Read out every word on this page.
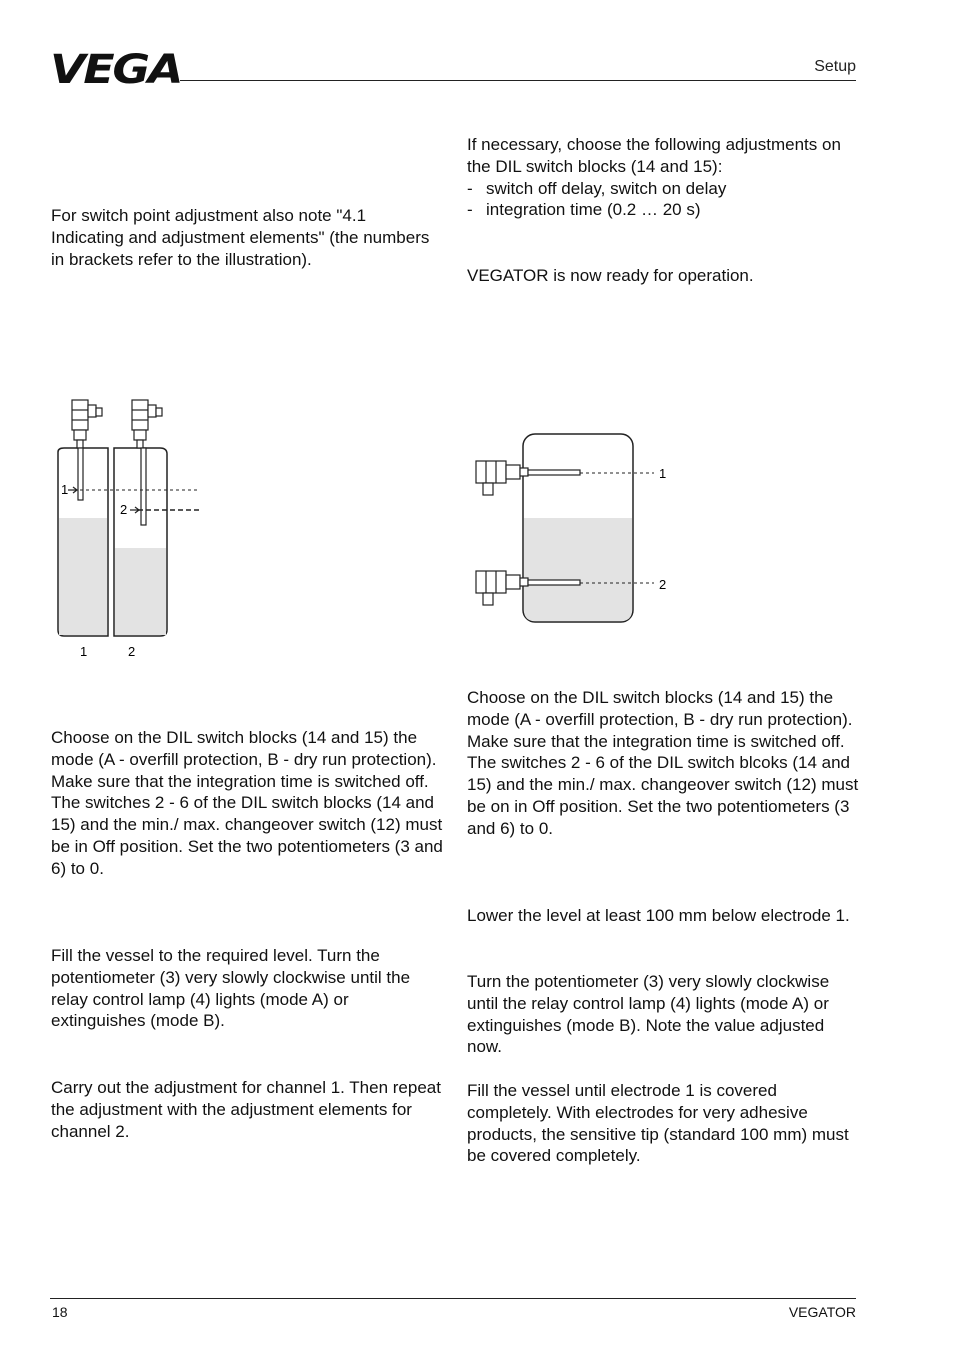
VEGA	Setup

For switch point adjustment also note "4.1 Indicating and adjustment elements" (the numbers in brackets refer to the illustration).

1
2
1	2

Choose on the DIL switch blocks (14 and 15) the mode (A - overfill protection, B - dry run protection). Make sure that the integration time is switched off. The switches 2 - 6 of the DIL switch blocks (14 and 15) and the min./ max. changeover switch (12) must be in Off position. Set the two potentiometers (3 and 6) to 0.

Fill the vessel to the required level. Turn the potentiometer (3) very slowly clockwise until the relay control lamp (4) lights (mode A) or extinguishes (mode B).

Carry out the adjustment for channel 1. Then repeat the adjustment with the adjustment elements for channel 2.

If necessary, choose the following adjustments on the DIL switch blocks (14 and 15):

- switch off delay, switch on delay
- integration time (0.2 … 20 s)

VEGATOR is now ready for operation.

1
2

Choose on the DIL switch blocks (14 and 15) the mode (A - overfill protection, B - dry run protection). Make sure that the integration time is switched off. The switches 2 - 6 of the DIL switch blcoks (14 and 15) and the min./ max. changeover switch (12) must be on in Off position. Set the two potentiometers (3 and 6) to 0.

Lower the level at least 100 mm below electrode 1.

Turn the potentiometer (3) very slowly clockwise until the relay control lamp (4) lights (mode A) or extinguishes (mode B). Note the value adjusted now.

Fill the vessel until electrode 1 is covered completely. With electrodes for very adhesive products, the sensitive tip (standard 100 mm) must be covered completely.

18	VEGATOR
